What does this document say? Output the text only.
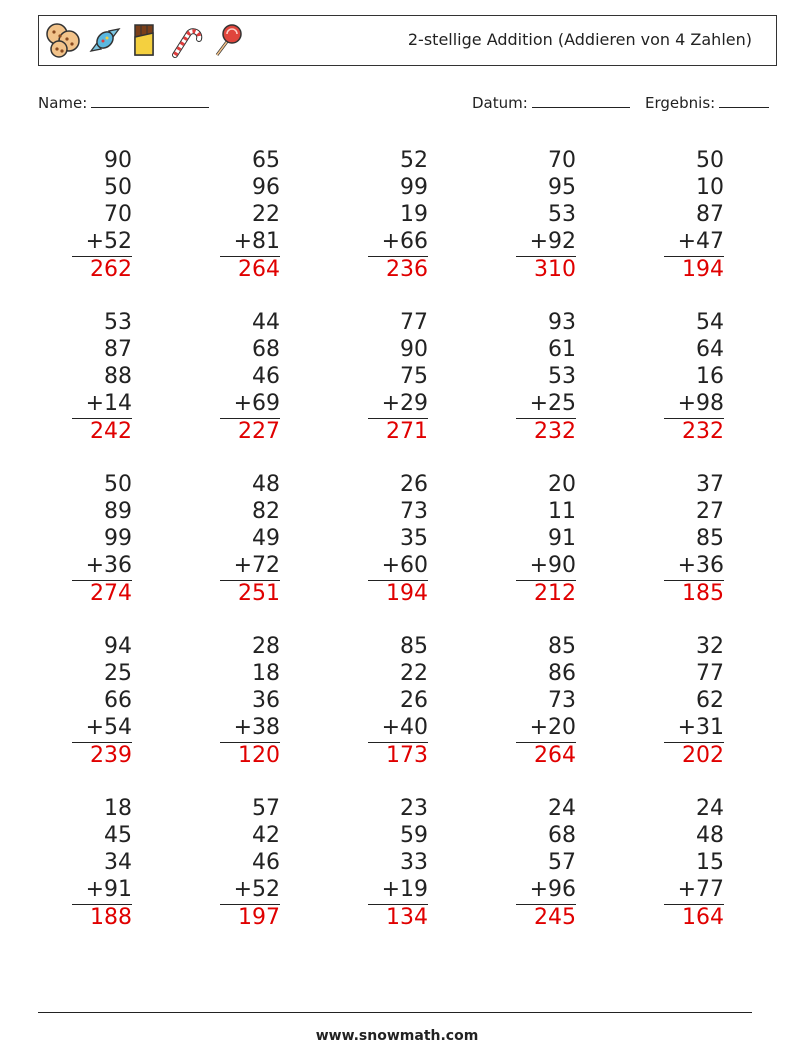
2-stellige Addition (Addieren von 4 Zahlen)
Name:	Datum:	Ergebnis:
90
50
70
+52
262
65
96
22
+81
264
52
99
19
+66
236
70
95
53
+92
310
50
10
87
+47
194
53
87
88
+14
242
44
68
46
+69
227
77
90
75
+29
271
93
61
53
+25
232
54
64
16
+98
232
50
89
99
+36
274
48
82
49
+72
251
26
73
35
+60
194
20
11
91
+90
212
37
27
85
+36
185
94
25
66
+54
239
28
18
36
+38
120
85
22
26
+40
173
85
86
73
+20
264
32
77
62
+31
202
18
45
34
+91
188
57
42
46
+52
197
23
59
33
+19
134
24
68
57
+96
245
24
48
15
+77
164
www.snowmath.com
